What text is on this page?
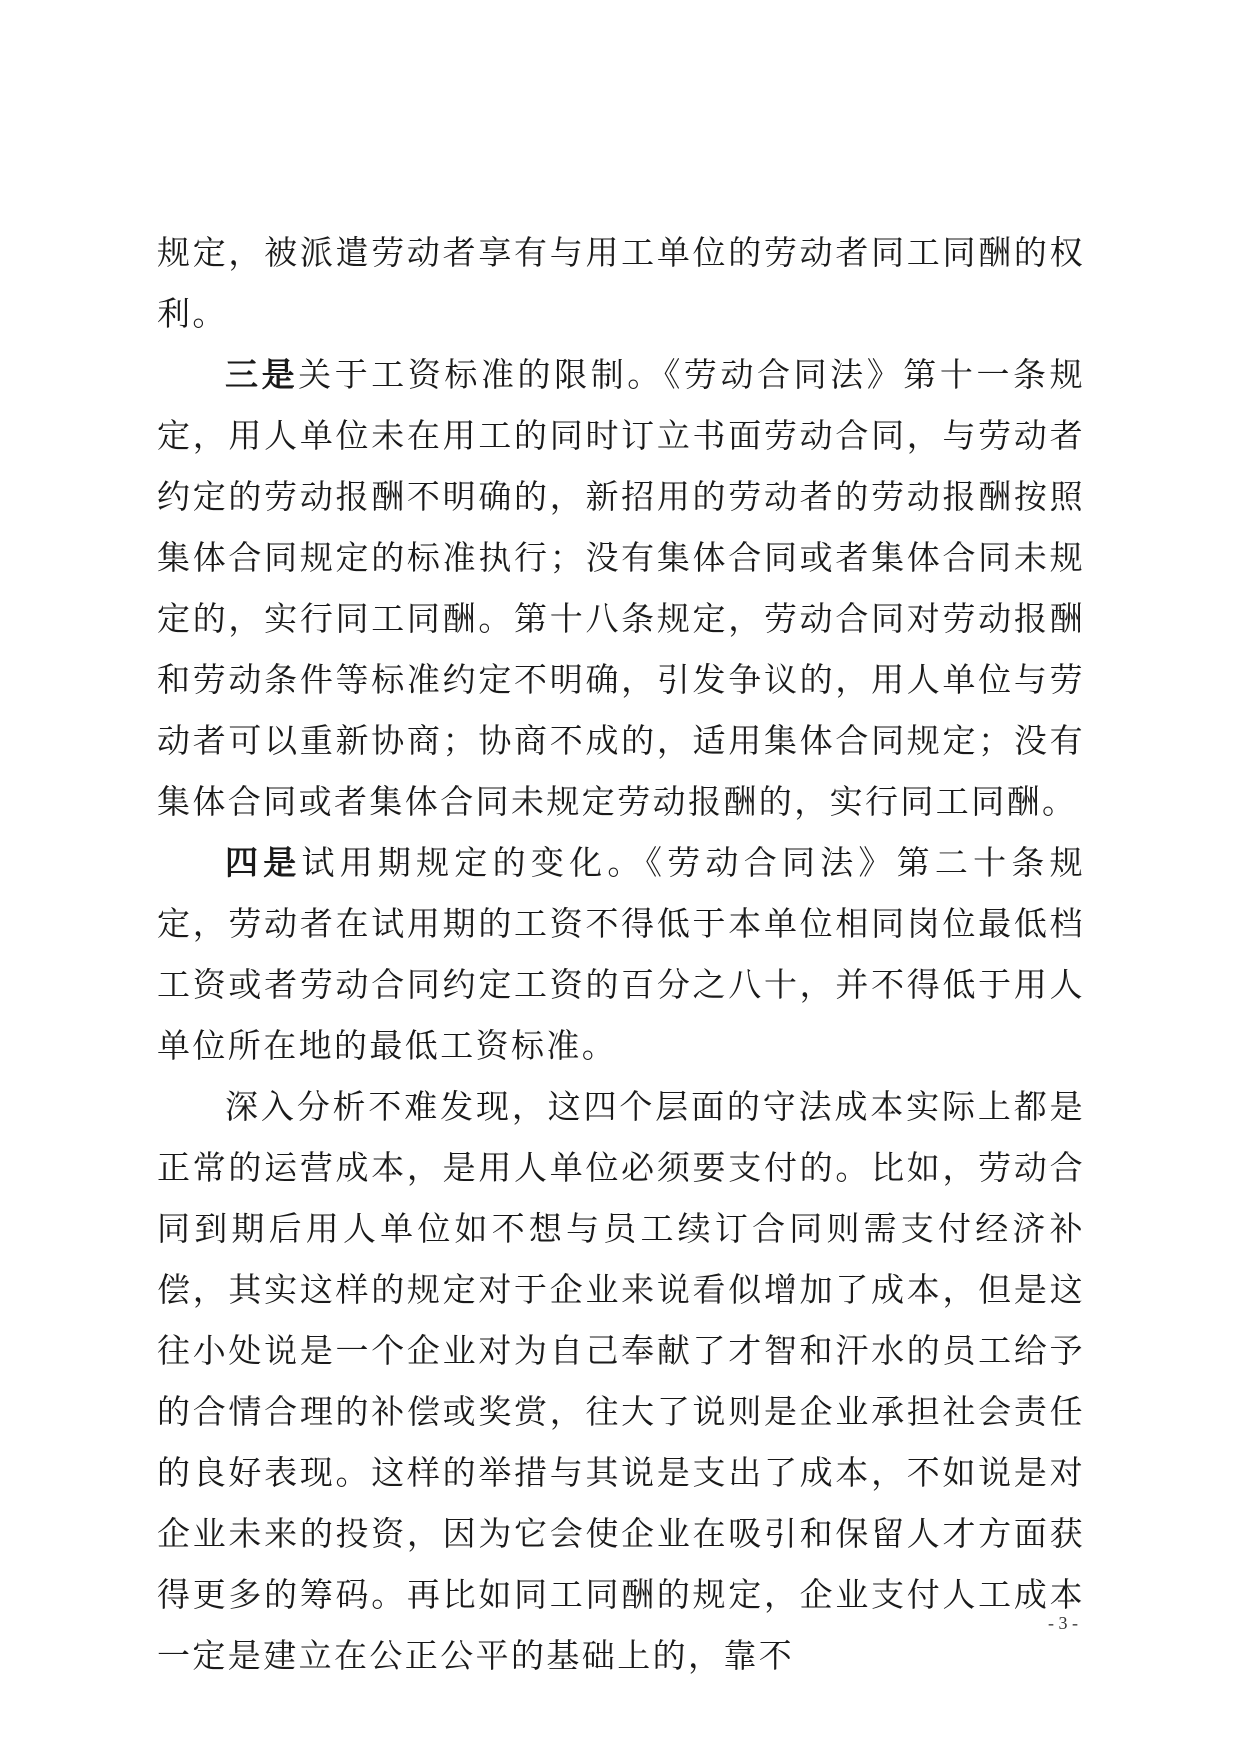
规定，被派遣劳动者享有与用工单位的劳动者同工同酬的权利。

三是关于工资标准的限制。《劳动合同法》第十一条规定，用人单位未在用工的同时订立书面劳动合同，与劳动者约定的劳动报酬不明确的，新招用的劳动者的劳动报酬按照集体合同规定的标准执行；没有集体合同或者集体合同未规定的，实行同工同酬。第十八条规定，劳动合同对劳动报酬和劳动条件等标准约定不明确，引发争议的，用人单位与劳动者可以重新协商；协商不成的，适用集体合同规定；没有集体合同或者集体合同未规定劳动报酬的，实行同工同酬。

四是试用期规定的变化。《劳动合同法》第二十条规定，劳动者在试用期的工资不得低于本单位相同岗位最低档工资或者劳动合同约定工资的百分之八十，并不得低于用人单位所在地的最低工资标准。

深入分析不难发现，这四个层面的守法成本实际上都是正常的运营成本，是用人单位必须要支付的。比如，劳动合同到期后用人单位如不想与员工续订合同则需支付经济补偿，其实这样的规定对于企业来说看似增加了成本，但是这往小处说是一个企业对为自己奉献了才智和汗水的员工给予的合情合理的补偿或奖赏，往大了说则是企业承担社会责任的良好表现。这样的举措与其说是支出了成本，不如说是对企业未来的投资，因为它会使企业在吸引和保留人才方面获得更多的筹码。再比如同工同酬的规定，企业支付人工成本一定是建立在公正公平的基础上的，靠不

- 3 -
